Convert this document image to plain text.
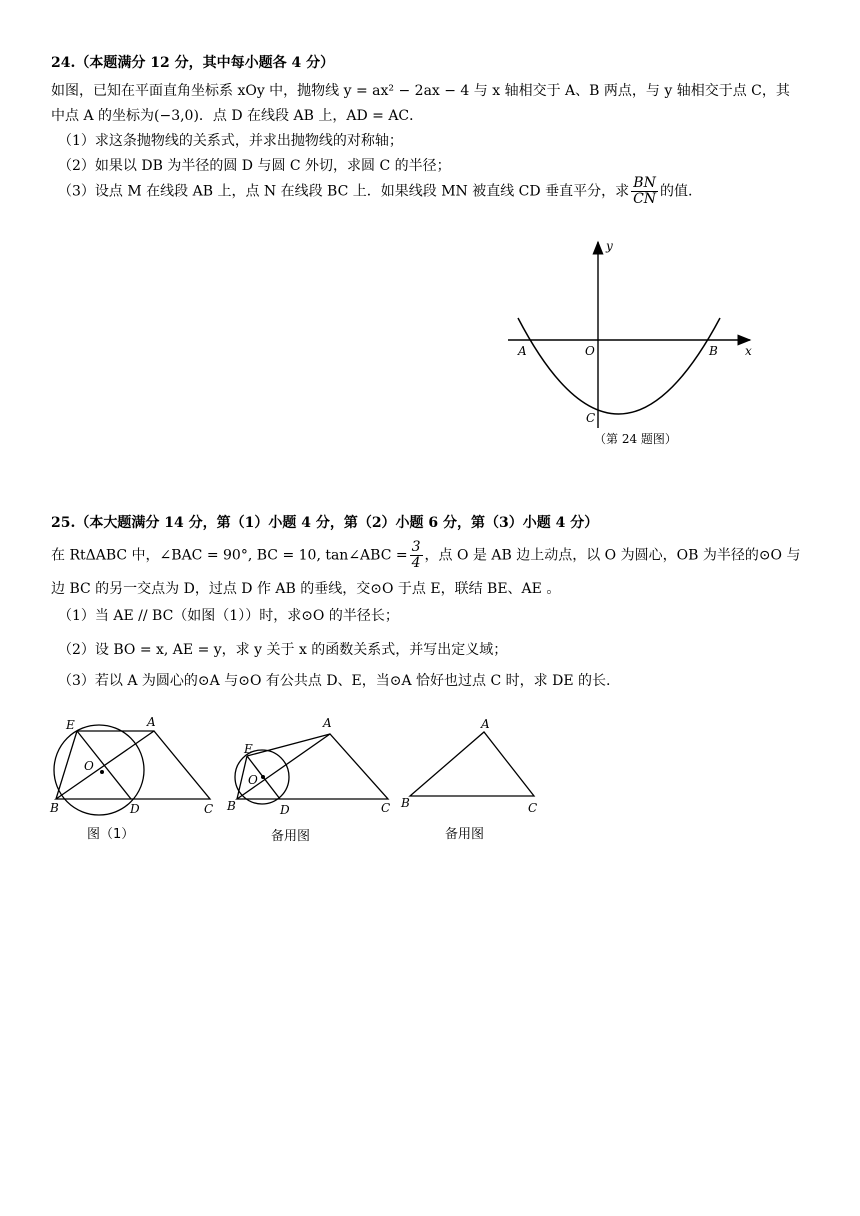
24.（本题满分 12 分，其中每小题各 4 分）
如图，已知在平面直角坐标系 xOy 中，抛物线 y = ax² − 2ax − 4 与 x 轴相交于 A、B 两点，与 y 轴相交于点 C，其
中点 A 的坐标为(−3,0)．点 D 在线段 AB 上，AD = AC．
（1）求这条抛物线的关系式，并求出抛物线的对称轴；
（2）如果以 DB 为半径的圆 D 与圆 C 外切，求圆 C 的半径；
（3）设点 M 在线段 AB 上，点 N 在线段 BC 上．如果线段 MN 被直线 CD 垂直平分，求 $\frac{BN}{CN}$ 的值.
y
x
A	O	B
C
（第 24 题图）
25.（本大题满分 14 分，第（1）小题 4 分，第（2）小题 6 分，第（3）小题 4 分）
在 RtΔABC 中，∠BAC = 90°, BC = 10, tan∠ABC = $\frac{3}{4}$ ，点 O 是 AB 边上动点，以 O 为圆心，OB 为半径的⊙O 与
边 BC 的另一交点为 D，过点 D 作 AB 的垂线，交⊙O 于点 E，联结 BE、AE 。
（1）当 AE // BC（如图（1））时，求⊙O 的半径长；
（2）设 BO = x, AE = y，求 y 关于 x 的函数关系式，并写出定义域；
（3）若以 A 为圆心的⊙A 与⊙O 有公共点 D、E，当⊙A 恰好也过点 C 时，求 DE 的长.
E	A
O
B	D	C
E
A
O
B	D	C
A
B	C
图（1）	备用图	备用图
